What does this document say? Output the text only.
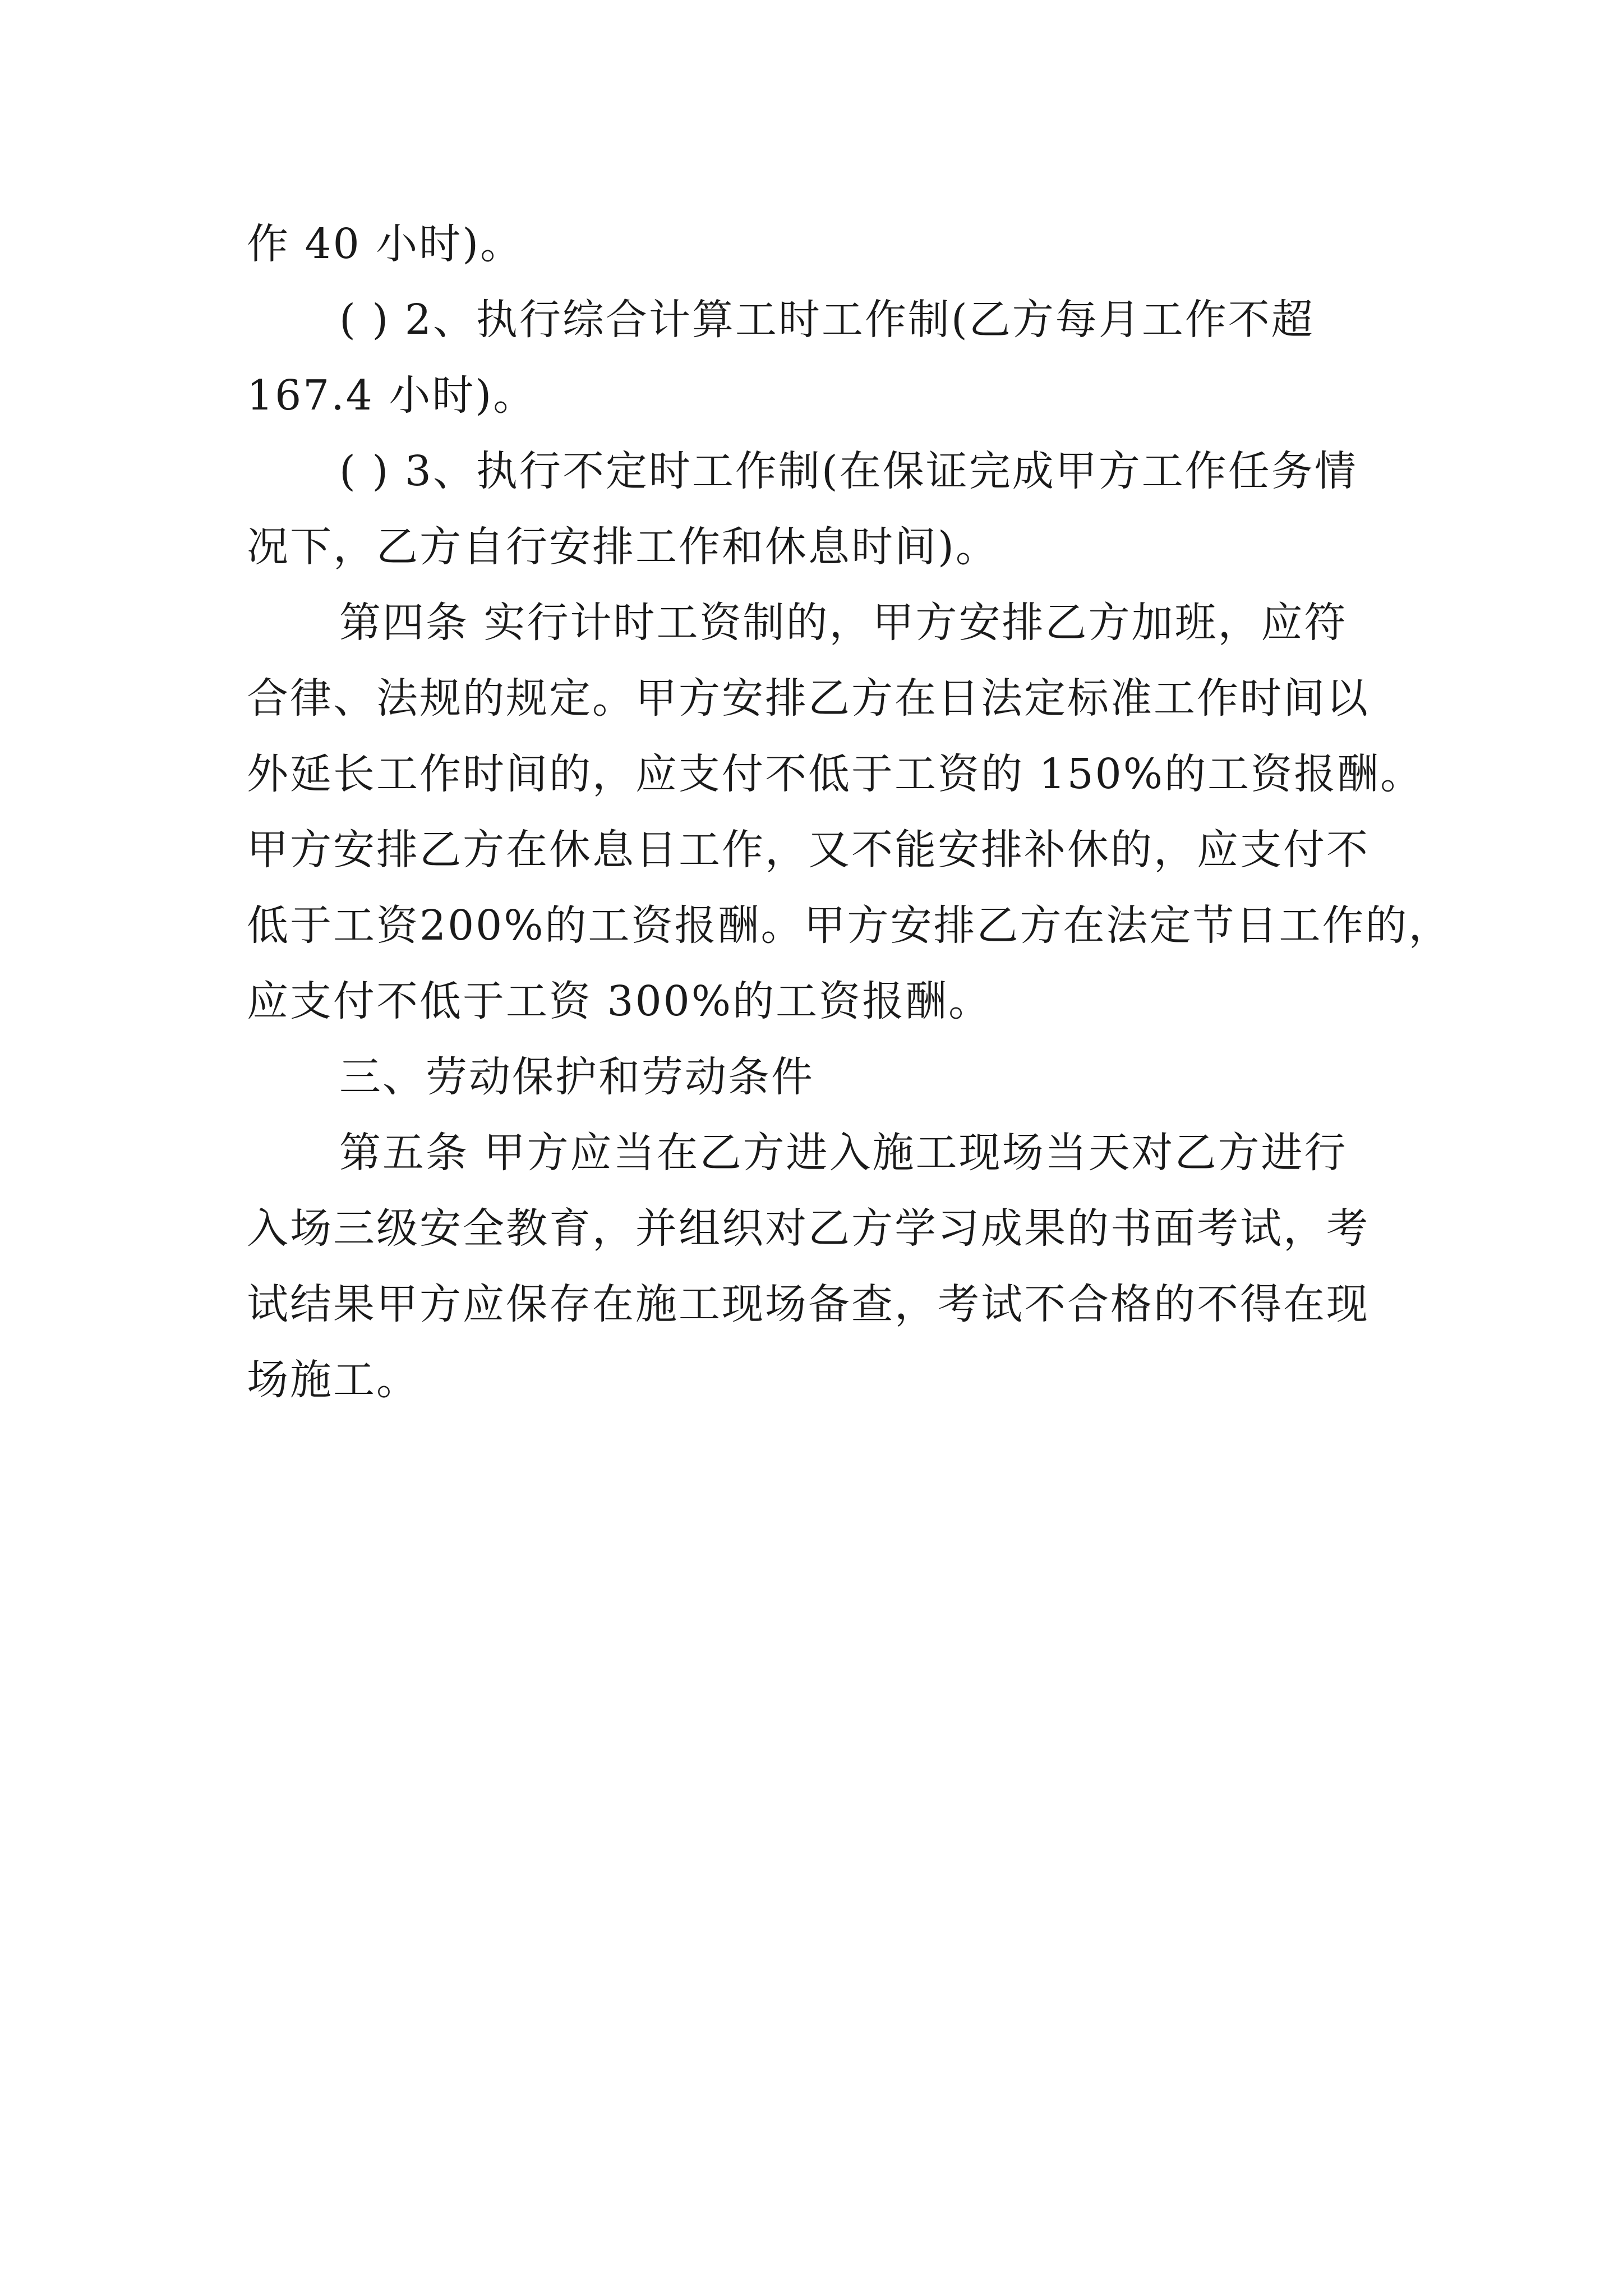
作 40 小时)。
( ) 2、执行综合计算工时工作制(乙方每月工作不超
167.4 小时)。
( ) 3、执行不定时工作制(在保证完成甲方工作任务情
况下，乙方自行安排工作和休息时间)。
第四条 实行计时工资制的，甲方安排乙方加班，应符
合律、法规的规定。甲方安排乙方在日法定标准工作时间以
外延长工作时间的，应支付不低于工资的 150%的工资报酬。
甲方安排乙方在休息日工作，又不能安排补休的，应支付不
低于工资200%的工资报酬。甲方安排乙方在法定节日工作的，
应支付不低于工资 300%的工资报酬。
三、劳动保护和劳动条件
第五条 甲方应当在乙方进入施工现场当天对乙方进行
入场三级安全教育，并组织对乙方学习成果的书面考试，考
试结果甲方应保存在施工现场备查，考试不合格的不得在现
场施工。
